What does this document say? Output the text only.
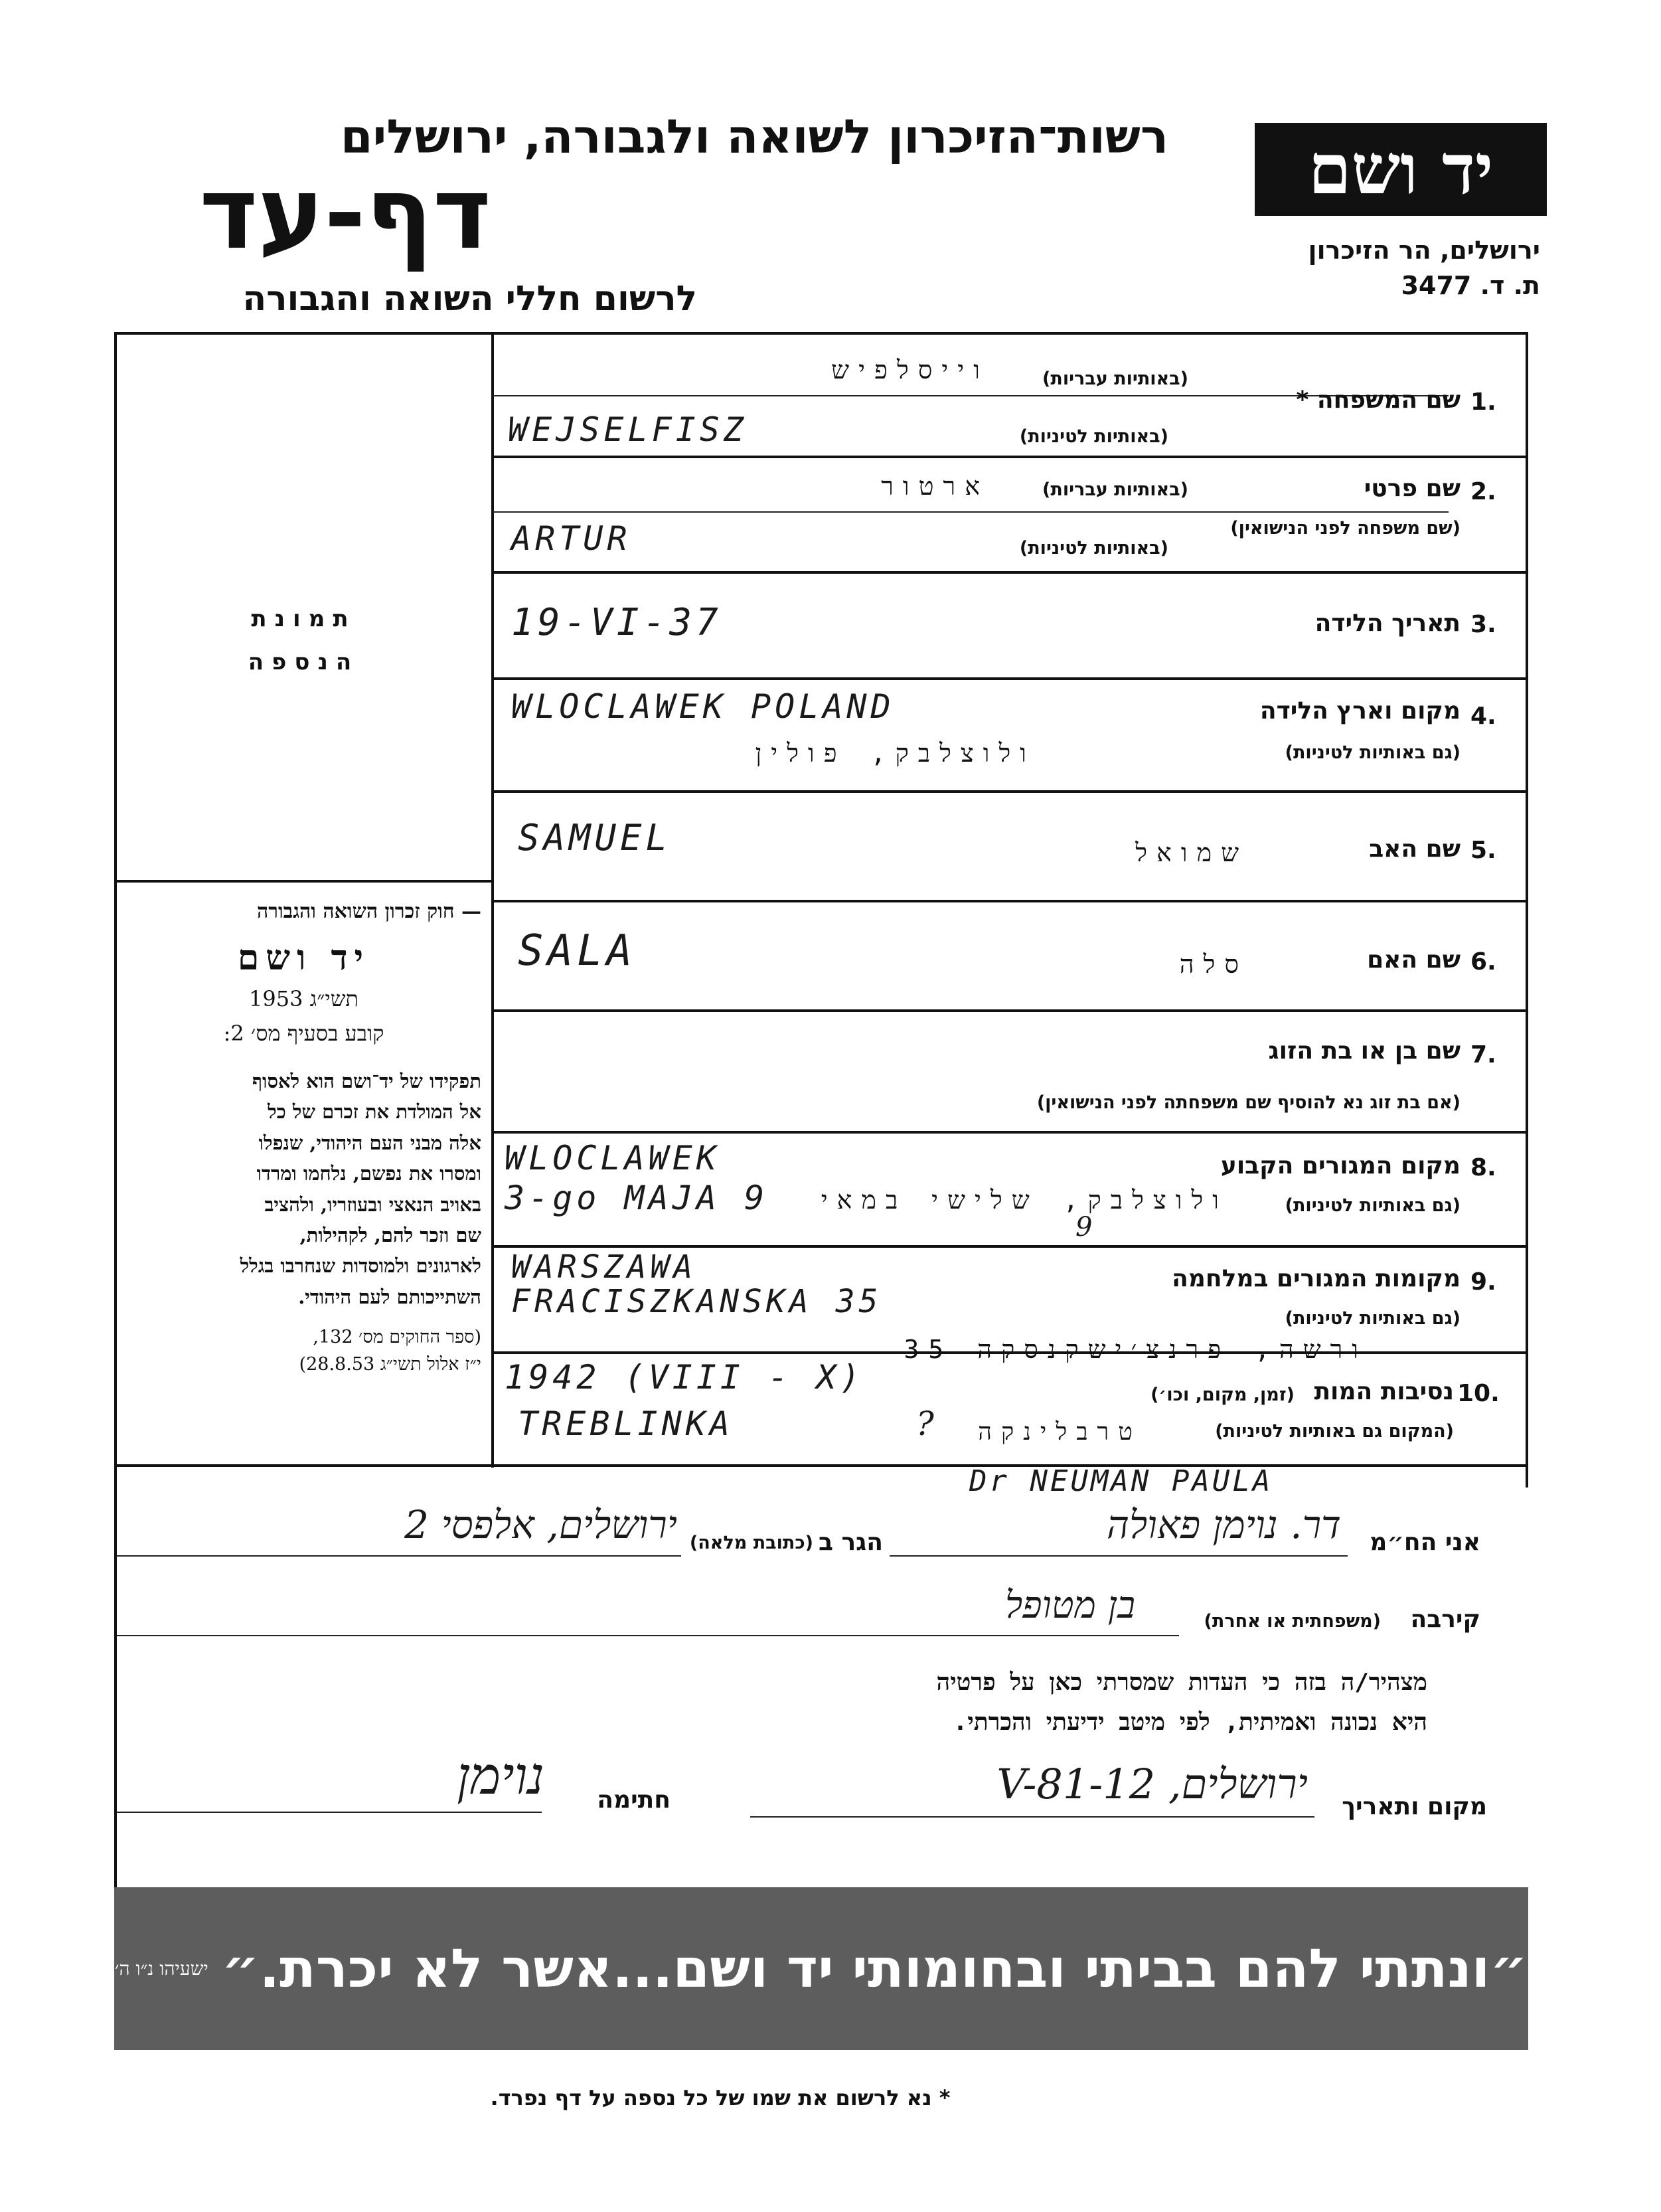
יד ושם
ירושלים, הר הזיכרון
ת. ד. 3477
רשות־הזיכרון לשואה ולגבורה, ירושלים
דף-עד
לרשום חללי השואה והגבורה
תמונת
הנספה
— חוק זכרון השואה והגבורה
יד ושם
תשי״ג 1953
קובע בסעיף מס׳ 2:
תפקידו של יד־ושם הוא לאסוף
אל המולדת את זכרם של כל
אלה מבני העם היהודי, שנפלו
ומסרו את נפשם, נלחמו ומרדו
באויב הנאצי ובעוזריו, ולהציב
שם וזכר להם, לקהילות,
לארגונים ולמוסדות שנחרבו בגלל
השתייכותם לעם היהודי.
(ספר החוקים מס׳ 132,
י״ז אלול תשי״ג 28.8.53)
1.
שם המשפחה *
(באותיות עבריות)
וייסלפיש
(באותיות לטיניות)
WEJSELFISZ
2.
שם פרטי
(שם משפחה לפני הנישואין)
(באותיות עבריות)
ארטור
(באותיות לטיניות)
ARTUR
3.
תאריך הלידה
19-VI-37
4.
מקום וארץ הלידה
(גם באותיות לטיניות)
WLOCLAWEK POLAND
ולוצלבק, פולין
5.
שם האב
SAMUEL	שמואל
6.
שם האם
SALA	סלה
7.
שם בן או בת הזוג
(אם בת זוג נא להוסיף שם משפחתה לפני הנישואין)
8.
מקום המגורים הקבוע
(גם באותיות לטיניות)
WLOCLAWEK
3-go MAJA 9	ולוצלבק, שלישי במאי
9
9.
מקומות המגורים במלחמה
(גם באותיות לטיניות)
WARSZAWA
FRACISZKANSKA 35
ורשה, פרנצ׳ישקנסקה 35
10.
נסיבות המות
(זמן, מקום, וכו׳)
(המקום גם באותיות לטיניות)
1942 (VIII - X)
TREBLINKA	?	טרבלינקה
Dr NEUMAN PAULA
אני הח״מ
דר. נוימן פאולה
הגר ב
(כתובת מלאה)
ירושלים, אלפסי 2
קירבה
(משפחתית או אחרת)
בן מטופל
מצהיר/ה בזה כי העדות שמסרתי כאן על פרטיה
היא נכונה ואמיתית, לפי מיטב ידיעתי והכרתי.
מקום ותאריך
ירושלים, 12-V-81
חתימה
נוימן
״ונתתי להם בביתי ובחומותי יד ושם...אשר לא יכרת.״
ישעיהו נ״ו ה׳
* נא לרשום את שמו של כל נספה על דף נפרד.
